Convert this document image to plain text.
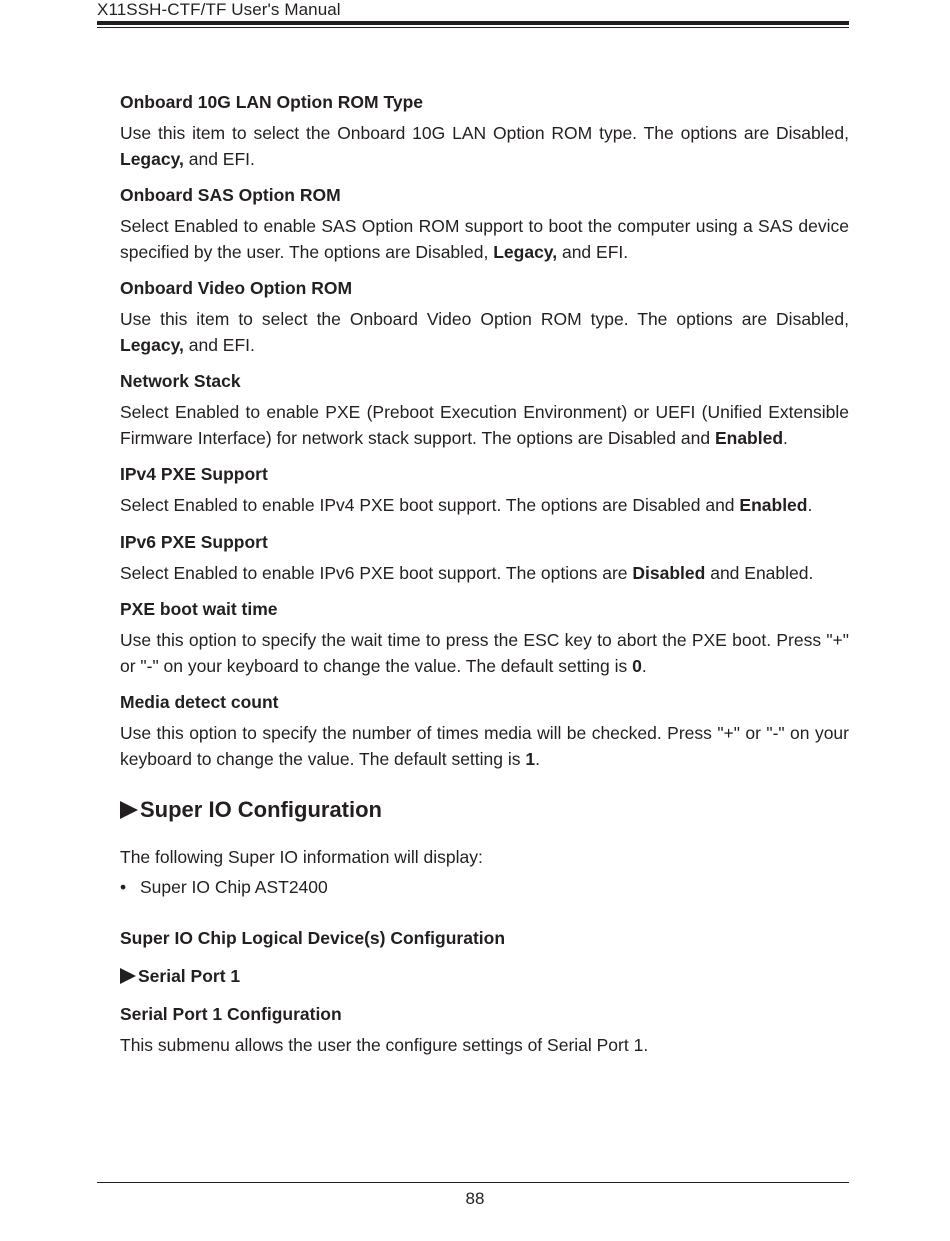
X11SSH-CTF/TF User's Manual
Onboard 10G LAN Option ROM Type

Use this item to select the Onboard 10G LAN Option ROM type. The options are Disabled, Legacy, and EFI.

Onboard SAS Option ROM

Select Enabled to enable SAS Option ROM support to boot the computer using a SAS device specified by the user. The options are Disabled, Legacy, and EFI.

Onboard Video Option ROM

Use this item to select the Onboard Video Option ROM type. The options are Disabled, Legacy, and EFI.

Network Stack

Select Enabled to enable PXE (Preboot Execution Environment) or UEFI (Unified Extensible Firmware Interface) for network stack support. The options are Disabled and Enabled.

IPv4 PXE Support

Select Enabled to enable IPv4 PXE boot support. The options are Disabled and Enabled.

IPv6 PXE Support

Select Enabled to enable IPv6 PXE boot support. The options are Disabled and Enabled.

PXE boot wait time

Use this option to specify the wait time to press the ESC key to abort the PXE boot. Press "+" or "-" on your keyboard to change the value. The default setting is 0.

Media detect count

Use this option to specify the number of times media will be checked. Press "+" or "-" on your keyboard to change the value. The default setting is 1.

Super IO Configuration

The following Super IO information will display:

• Super IO Chip AST2400
Super IO Chip Logical Device(s) Configuration
Serial Port 1
Serial Port 1 Configuration

This submenu allows the user the configure settings of Serial Port 1.

88
